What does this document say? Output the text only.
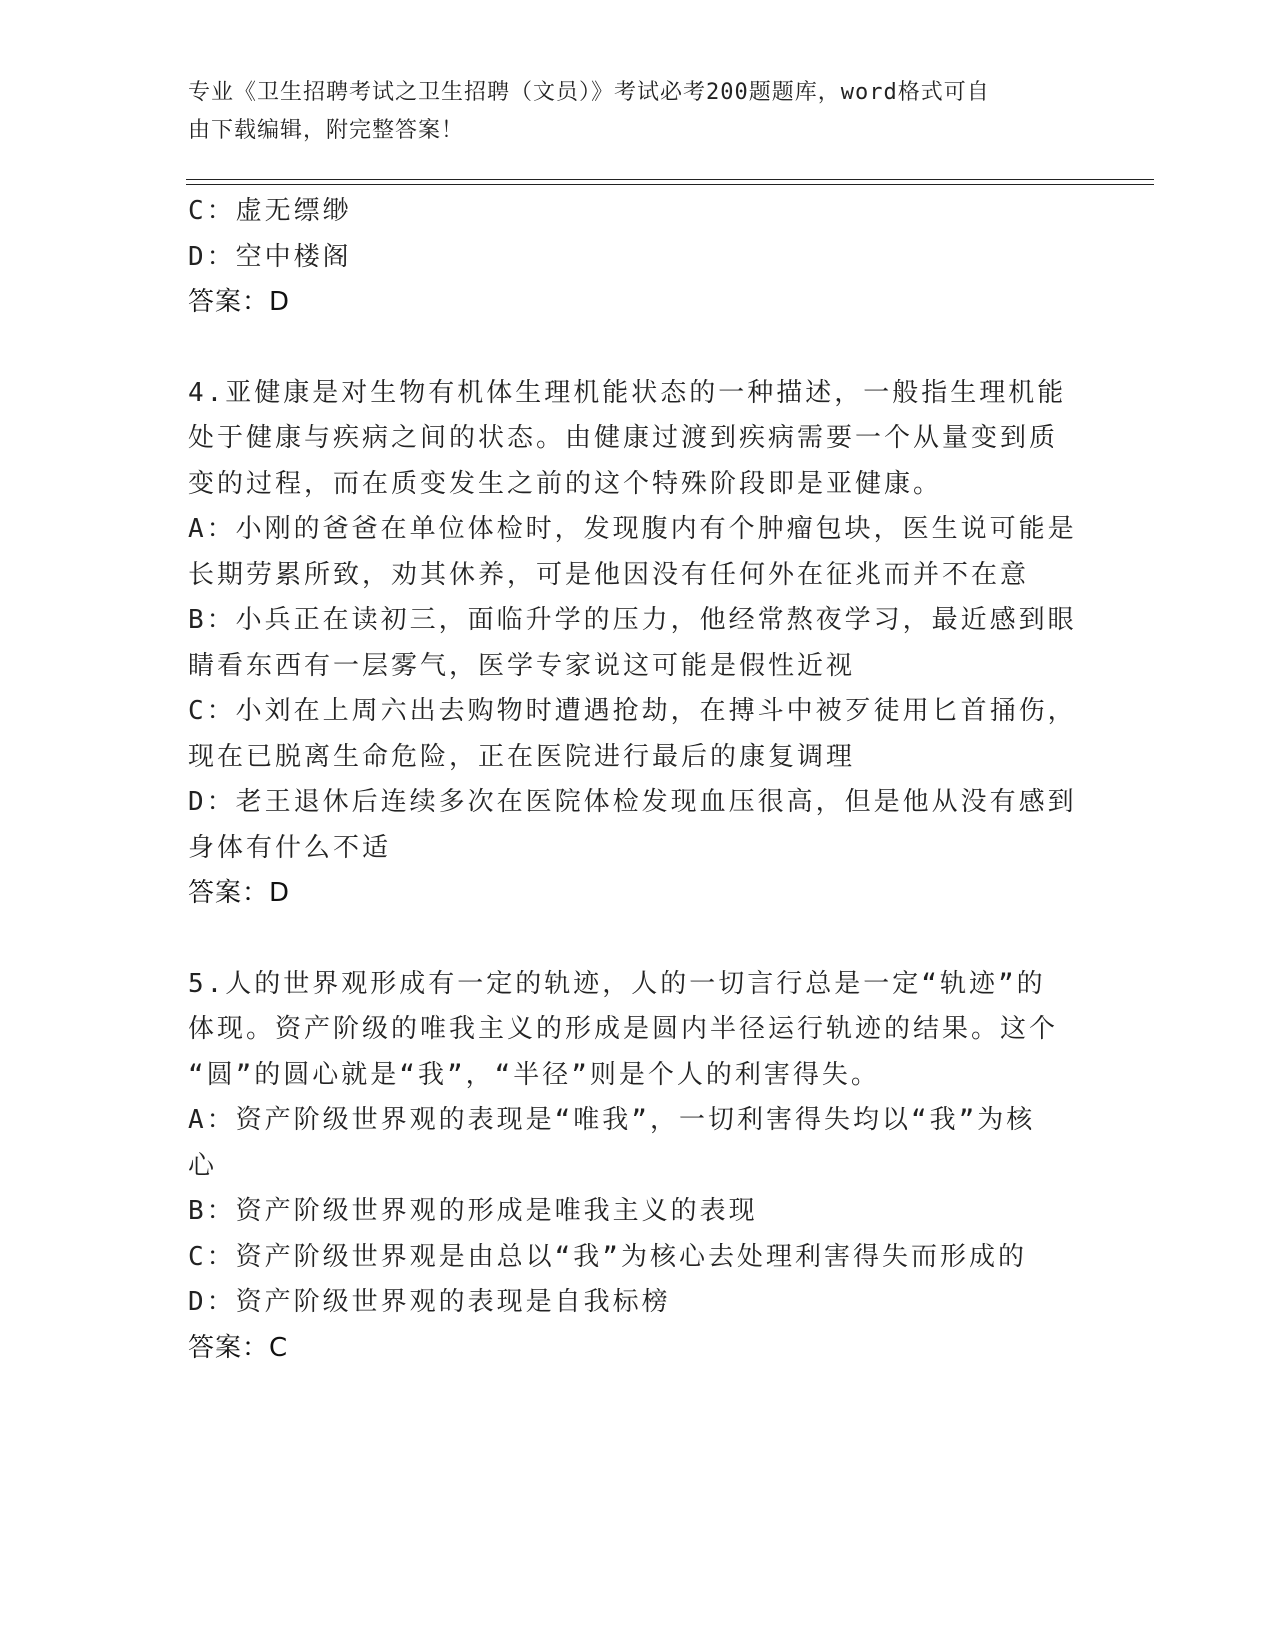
专业《卫生招聘考试之卫生招聘（文员）》考试必考200题题库，word格式可自
由下载编辑，附完整答案！
C：虚无缥缈
D：空中楼阁
答案：D
4.亚健康是对生物有机体生理机能状态的一种描述，一般指生理机能
处于健康与疾病之间的状态。由健康过渡到疾病需要一个从量变到质
变的过程，而在质变发生之前的这个特殊阶段即是亚健康。
A：小刚的爸爸在单位体检时，发现腹内有个肿瘤包块，医生说可能是
长期劳累所致，劝其休养，可是他因没有任何外在征兆而并不在意
B：小兵正在读初三，面临升学的压力，他经常熬夜学习，最近感到眼
睛看东西有一层雾气，医学专家说这可能是假性近视
C：小刘在上周六出去购物时遭遇抢劫，在搏斗中被歹徒用匕首捅伤，
现在已脱离生命危险，正在医院进行最后的康复调理
D：老王退休后连续多次在医院体检发现血压很高，但是他从没有感到
身体有什么不适
答案：D
5.人的世界观形成有一定的轨迹，人的一切言行总是一定“轨迹”的
体现。资产阶级的唯我主义的形成是圆内半径运行轨迹的结果。这个
“圆”的圆心就是“我”，“半径”则是个人的利害得失。
A：资产阶级世界观的表现是“唯我”，一切利害得失均以“我”为核
心
B：资产阶级世界观的形成是唯我主义的表现
C：资产阶级世界观是由总以“我”为核心去处理利害得失而形成的
D：资产阶级世界观的表现是自我标榜
答案：C
